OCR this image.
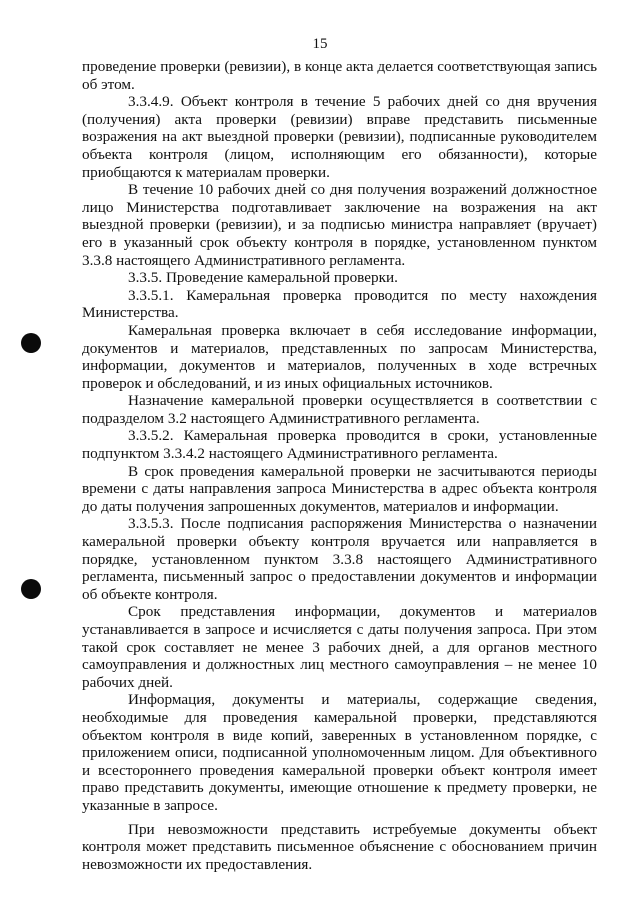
15

проведение проверки (ревизии), в конце акта делается соответствующая запись об этом.

3.3.4.9. Объект контроля в течение 5 рабочих дней со дня вручения (получения) акта проверки (ревизии) вправе представить письменные возражения на акт выездной проверки (ревизии), подписанные руководителем объекта контроля (лицом, исполняющим его обязанности), которые приобщаются к материалам проверки.

В течение 10 рабочих дней со дня получения возражений должностное лицо Министерства подготавливает заключение на возражения на акт выездной проверки (ревизии), и за подписью министра направляет (вручает) его в указанный срок объекту контроля в порядке, установленном пунктом 3.3.8 настоящего Административного регламента.

3.3.5. Проведение камеральной проверки.

3.3.5.1. Камеральная проверка проводится по месту нахождения Министерства.

Камеральная проверка включает в себя исследование информации, документов и материалов, представленных по запросам Министерства, информации, документов и материалов, полученных в ходе встречных проверок и обследований, и из иных официальных источников.

Назначение камеральной проверки осуществляется в соответствии с подразделом 3.2 настоящего Административного регламента.

3.3.5.2. Камеральная проверка проводится в сроки, установленные подпунктом 3.3.4.2 настоящего Административного регламента.

В срок проведения камеральной проверки не засчитываются периоды времени с даты направления запроса Министерства в адрес объекта контроля до даты получения запрошенных документов, материалов и информации.

3.3.5.3. После подписания распоряжения Министерства о назначении камеральной проверки объекту контроля вручается или направляется в порядке, установленном пунктом 3.3.8 настоящего Административного регламента, письменный запрос о предоставлении документов и информации об объекте контроля.

Срок представления информации, документов и материалов устанавливается в запросе и исчисляется с даты получения запроса. При этом такой срок составляет не менее 3 рабочих дней, а для органов местного самоуправления и должностных лиц местного самоуправления – не менее 10 рабочих дней.

Информация, документы и материалы, содержащие сведения, необходимые для проведения камеральной проверки, представляются объектом контроля в виде копий, заверенных в установленном порядке, с приложением описи, подписанной уполномоченным лицом. Для объективного и всестороннего проведения камеральной проверки объект контроля имеет право представить документы, имеющие отношение к предмету проверки, не указанные в запросе.

При невозможности представить истребуемые документы объект контроля может представить письменное объяснение с обоснованием причин невозможности их предоставления.
